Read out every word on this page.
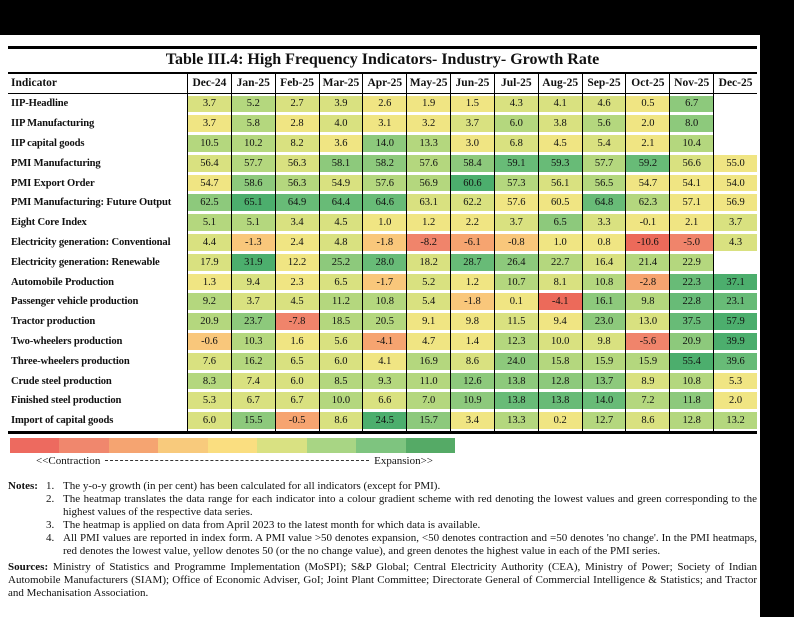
Table III.4: High Frequency Indicators- Industry- Growth Rate
Indicator	Dec-24 Jan-25 Feb-25 Mar-25 Apr-25 May-25 Jun-25	Jul-25 Aug-25 Sep-25 Oct-25 Nov-25 Dec-25
IIP-Headline	3.7	5.2	2.7	3.9	2.6	1.9	1.5	4.3	4.1	4.6	0.5	6.7
IIP Manufacturing	3.7	5.8	2.8	4.0	3.1	3.2	3.7	6.0	3.8	5.6	2.0	8.0
IIP capital goods	10.5	10.2	8.2	3.6	14.0	13.3	3.0	6.8	4.5	5.4	2.1	10.4
PMI Manufacturing	56.4	57.7	56.3	58.1	58.2	57.6	58.4	59.1	59.3	57.7	59.2	56.6	55.0
PMI Export Order	54.7	58.6	56.3	54.9	57.6	56.9	60.6	57.3	56.1	56.5	54.7	54.1	54.0
PMI Manufacturing: Future Output	62.5	65.1	64.9	64.4	64.6	63.1	62.2	57.6	60.5	64.8	62.3	57.1	56.9
Eight Core Index	5.1	5.1	3.4	4.5	1.0	1.2	2.2	3.7	6.5	3.3	-0.1	2.1	3.7
Electricity generation: Conventional	4.4	-1.3	2.4	4.8	-1.8	-8.2	-6.1	-0.8	1.0	0.8	-10.6	-5.0	4.3
Electricity generation: Renewable	17.9	31.9	12.2	25.2	28.0	18.2	28.7	26.4	22.7	16.4	21.4	22.9
Automobile Production	1.3	9.4	2.3	6.5	-1.7	5.2	1.2	10.7	8.1	10.8	-2.8	22.3	37.1
Passenger vehicle production	9.2	3.7	4.5	11.2	10.8	5.4	-1.8	0.1	-4.1	16.1	9.8	22.8	23.1
Tractor production	20.9	23.7	-7.8	18.5	20.5	9.1	9.8	11.5	9.4	23.0	13.0	37.5	57.9
Two-wheelers production	-0.6	10.3	1.6	5.6	-4.1	4.7	1.4	12.3	10.0	9.8	-5.6	20.9	39.9
Three-wheelers production	7.6	16.2	6.5	6.0	4.1	16.9	8.6	24.0	15.8	15.9	15.9	55.4	39.6
Crude steel production	8.3	7.4	6.0	8.5	9.3	11.0	12.6	13.8	12.8	13.7	8.9	10.8	5.3
Finished steel production	5.3	6.7	6.7	10.0	6.6	7.0	10.9	13.8	13.8	14.0	7.2	11.8	2.0
Import of capital goods	6.0	15.5	-0.5	8.6	24.5	15.7	3.4	13.3	0.2	12.7	8.6	12.8	13.2
<<Contraction	Expansion>>
Notes: 1. The y-o-y growth (in per cent) has been calculated for all indicators (except for PMI).
2. The heatmap translates the data range for each indicator into a colour gradient scheme with red denoting the lowest values and green corresponding to the highest values of the respective data series.
3. The heatmap is applied on data from April 2023 to the latest month for which data is available.
4. All PMI values are reported in index form. A PMI value >50 denotes expansion, <50 denotes contraction and =50 denotes 'no change'. In the PMI heatmaps, red denotes the lowest value, yellow denotes 50 (or the no change value), and green denotes the highest value in each of the PMI series.
Sources: Ministry of Statistics and Programme Implementation (MoSPI); S&P Global; Central Electricity Authority (CEA), Ministry of Power; Society of Indian Automobile Manufacturers (SIAM); Office of Economic Adviser, GoI; Joint Plant Committee; Directorate General of Commercial Intelligence & Statistics; and Tractor and Mechanisation Association.
